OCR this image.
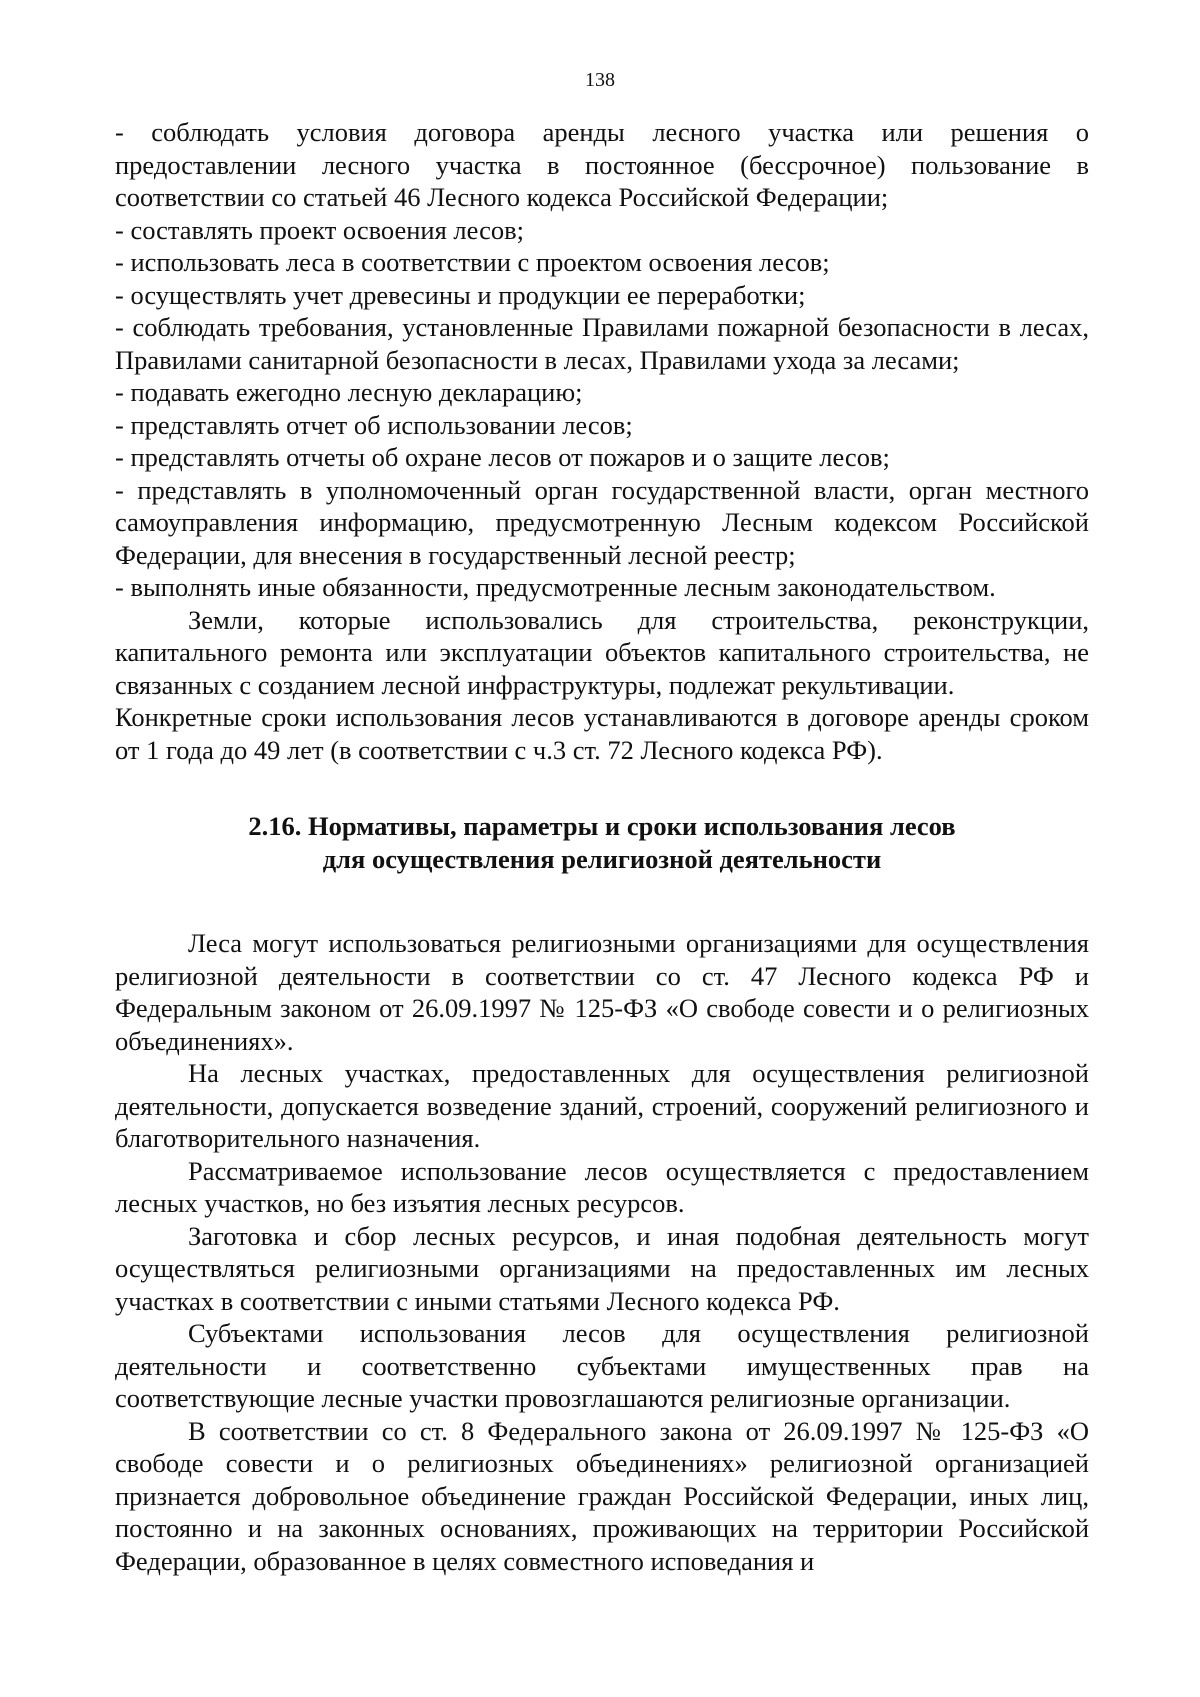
138

- соблюдать условия договора аренды лесного участка или решения о предоставлении лесного участка в постоянное (бессрочное) пользование в соответствии со статьей 46 Лесного кодекса Российской Федерации;

- составлять проект освоения лесов;

- использовать леса в соответствии с проектом освоения лесов;

- осуществлять учет древесины и продукции ее переработки;

- соблюдать требования, установленные Правилами пожарной безопасности в лесах, Правилами санитарной безопасности в лесах, Правилами ухода за лесами;

- подавать ежегодно лесную декларацию;

- представлять отчет об использовании лесов;

- представлять отчеты об охране лесов от пожаров и о защите лесов;

- представлять в уполномоченный орган государственной власти, орган местного самоуправления информацию, предусмотренную Лесным кодексом Российской Федерации, для внесения в государственный лесной реестр;

- выполнять иные обязанности, предусмотренные лесным законодательством.

Земли, которые использовались для строительства, реконструкции, капитального ремонта или эксплуатации объектов капитального строительства, не связанных с созданием лесной инфраструктуры, подлежат рекультивации.

Конкретные сроки использования лесов устанавливаются в договоре аренды сроком от 1 года до 49 лет (в соответствии с ч.3 ст. 72 Лесного кодекса РФ).

2.16. Нормативы, параметры и сроки использования лесов
для осуществления религиозной деятельности

Леса могут использоваться религиозными организациями для осуществления религиозной деятельности в соответствии со ст. 47 Лесного кодекса РФ и Федеральным законом от 26.09.1997 № 125-ФЗ «О свободе совести и о религиозных объединениях».

На лесных участках, предоставленных для осуществления религиозной деятельности, допускается возведение зданий, строений, сооружений религиозного и благотворительного назначения.

Рассматриваемое использование лесов осуществляется с предоставлением лесных участков, но без изъятия лесных ресурсов.

Заготовка и сбор лесных ресурсов, и иная подобная деятельность могут осуществляться религиозными организациями на предоставленных им лесных участках в соответствии с иными статьями Лесного кодекса РФ.

Субъектами использования лесов для осуществления религиозной деятельности и соответственно субъектами имущественных прав на соответствующие лесные участки провозглашаются религиозные организации.

В соответствии со ст. 8 Федерального закона от 26.09.1997 № 125-ФЗ «О свободе совести и о религиозных объединениях» религиозной организацией признается добровольное объединение граждан Российской Федерации, иных лиц, постоянно и на законных основаниях, проживающих на территории Российской Федерации, образованное в целях совместного исповедания и
